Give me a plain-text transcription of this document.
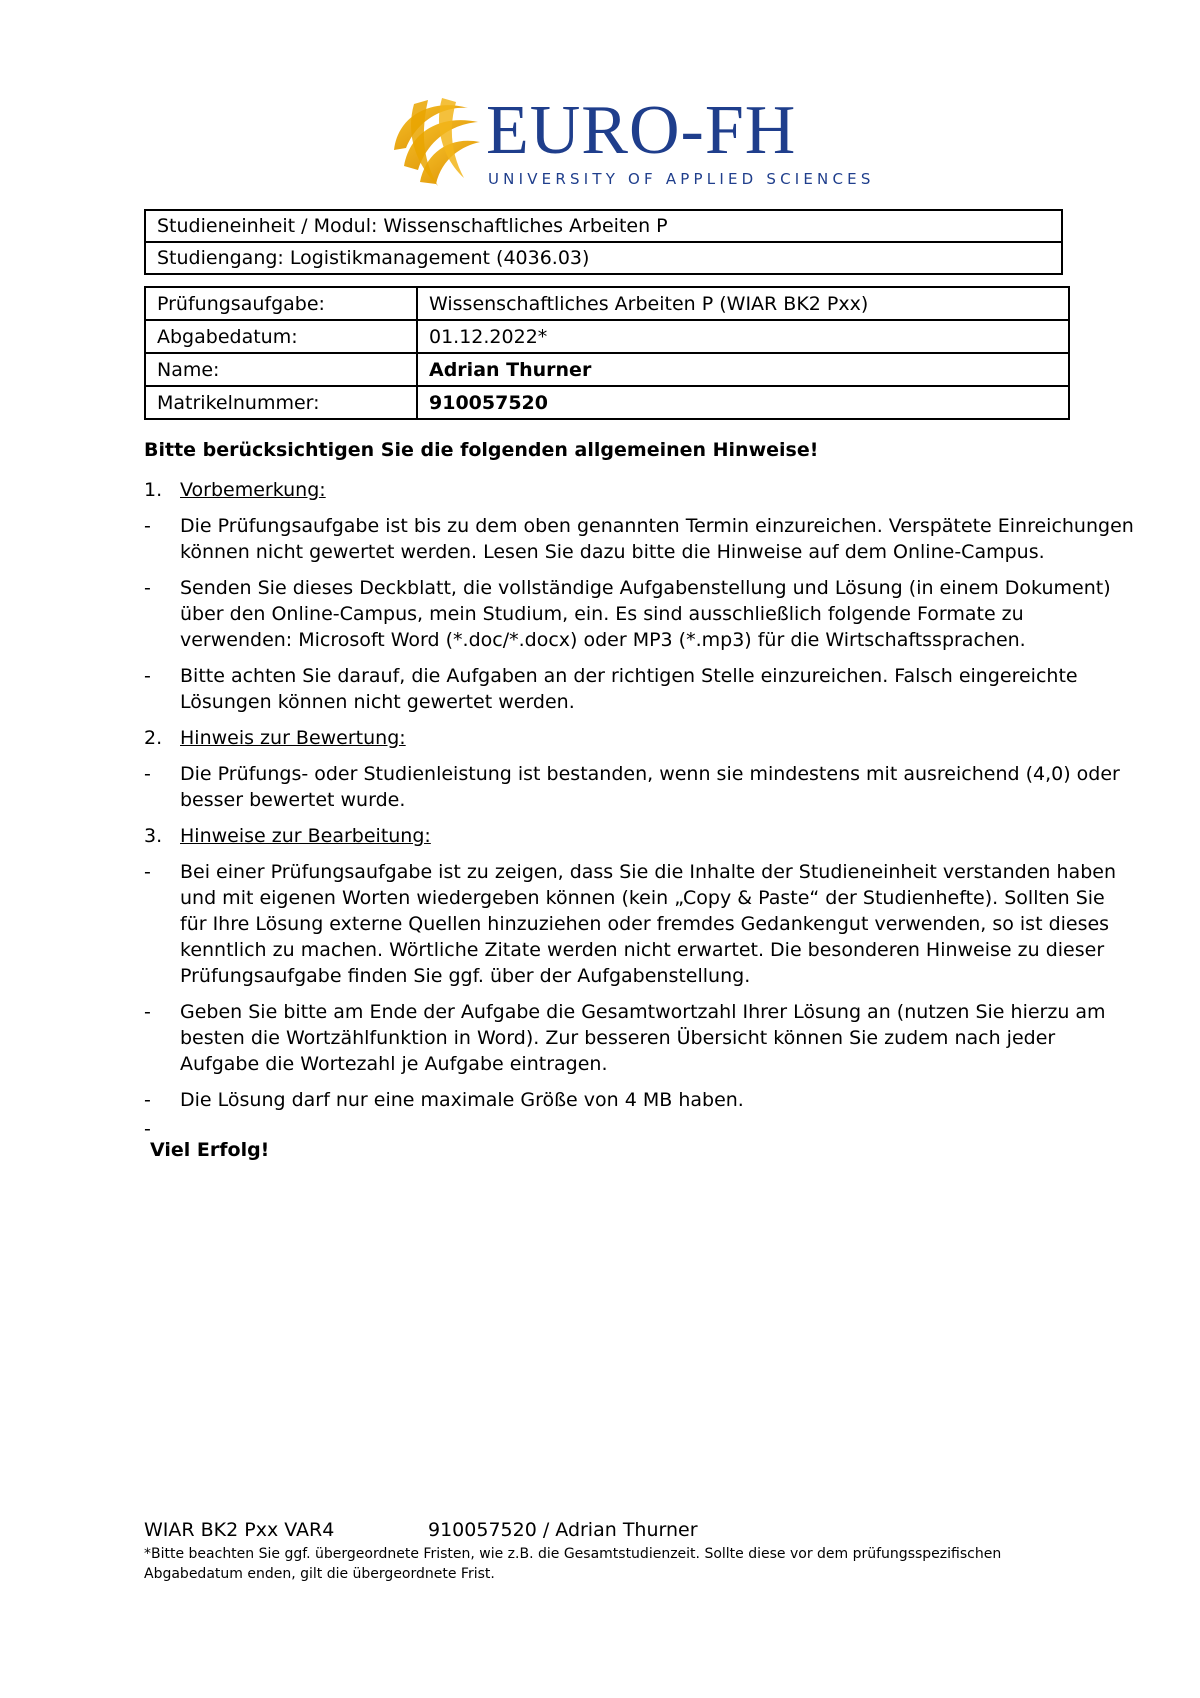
EURO-FH
UNIVERSITY OF APPLIED SCIENCES
Studieneinheit / Modul: Wissenschaftliches Arbeiten P
Studiengang: Logistikmanagement (4036.03)
Prüfungsaufgabe:	Wissenschaftliches Arbeiten P (WIAR BK2 Pxx)
Abgabedatum:	01.12.2022*
Name:	Adrian Thurner
Matrikelnummer:	910057520
Bitte berücksichtigen Sie die folgenden allgemeinen Hinweise!
1. Vorbemerkung:
- Die Prüfungsaufgabe ist bis zu dem oben genannten Termin einzureichen. Verspätete Einreichungen können nicht gewertet werden. Lesen Sie dazu bitte die Hinweise auf dem Online-Campus.
- Senden Sie dieses Deckblatt, die vollständige Aufgabenstellung und Lösung (in einem Dokument) über den Online-Campus, mein Studium, ein. Es sind ausschließlich folgende Formate zu verwenden: Microsoft Word (*.doc/*.docx) oder MP3 (*.mp3) für die Wirtschaftssprachen.
- Bitte achten Sie darauf, die Aufgaben an der richtigen Stelle einzureichen. Falsch eingereichte Lösungen können nicht gewertet werden.
2. Hinweis zur Bewertung:
- Die Prüfungs- oder Studienleistung ist bestanden, wenn sie mindestens mit ausreichend (4,0) oder besser bewertet wurde.
3. Hinweise zur Bearbeitung:
- Bei einer Prüfungsaufgabe ist zu zeigen, dass Sie die Inhalte der Studieneinheit verstanden haben und mit eigenen Worten wiedergeben können (kein „Copy & Paste“ der Studienhefte). Sollten Sie für Ihre Lösung externe Quellen hinzuziehen oder fremdes Gedankengut verwenden, so ist dieses kenntlich zu machen. Wörtliche Zitate werden nicht erwartet. Die besonderen Hinweise zu dieser Prüfungsaufgabe finden Sie ggf. über der Aufgabenstellung.
- Geben Sie bitte am Ende der Aufgabe die Gesamtwortzahl Ihrer Lösung an (nutzen Sie hierzu am besten die Wortzählfunktion in Word). Zur besseren Übersicht können Sie zudem nach jeder Aufgabe die Wortezahl je Aufgabe eintragen.
- Die Lösung darf nur eine maximale Größe von 4 MB haben.
-
Viel Erfolg!
WIAR BK2 Pxx VAR4	910057520 / Adrian Thurner
*Bitte beachten Sie ggf. übergeordnete Fristen, wie z.B. die Gesamtstudienzeit. Sollte diese vor dem prüfungsspezifischen Abgabedatum enden, gilt die übergeordnete Frist.
